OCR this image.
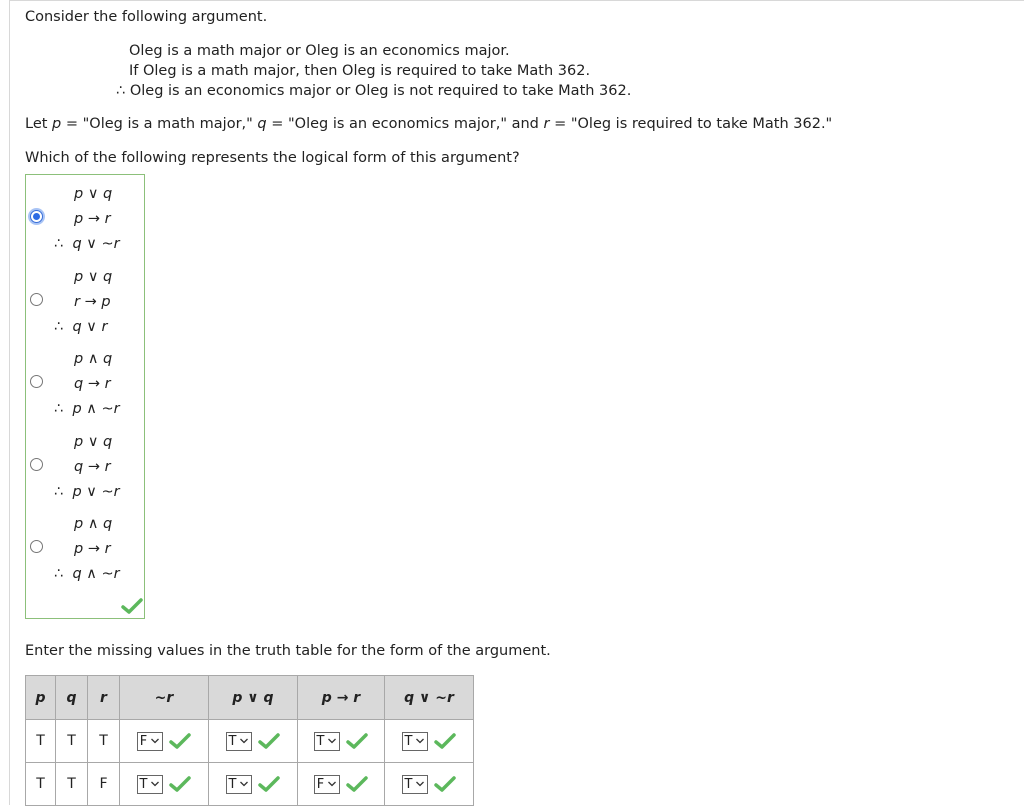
Consider the following argument.
Oleg is a math major or Oleg is an economics major.
If Oleg is a math major, then Oleg is required to take Math 362.
∴ Oleg is an economics major or Oleg is not required to take Math 362.
Let p = "Oleg is a math major," q = "Oleg is an economics major," and r = "Oleg is required to take Math 362."
Which of the following represents the logical form of this argument?
p ∨ q
p → r
∴ q ∨ ~r
p ∨ q
r → p
∴ q ∨ r
p ∧ q
q → r
∴ p ∧ ~r
p ∨ q
q → r
∴ p ∨ ~r
p ∧ q
p → r
∴ q ∧ ~r
Enter the missing values in the truth table for the form of the argument.
p	q	r	~r	p ∨ q	p → r	q ∨ ~r
T	T	T	F	T	T	T

T	T	F	T	T	F	T
